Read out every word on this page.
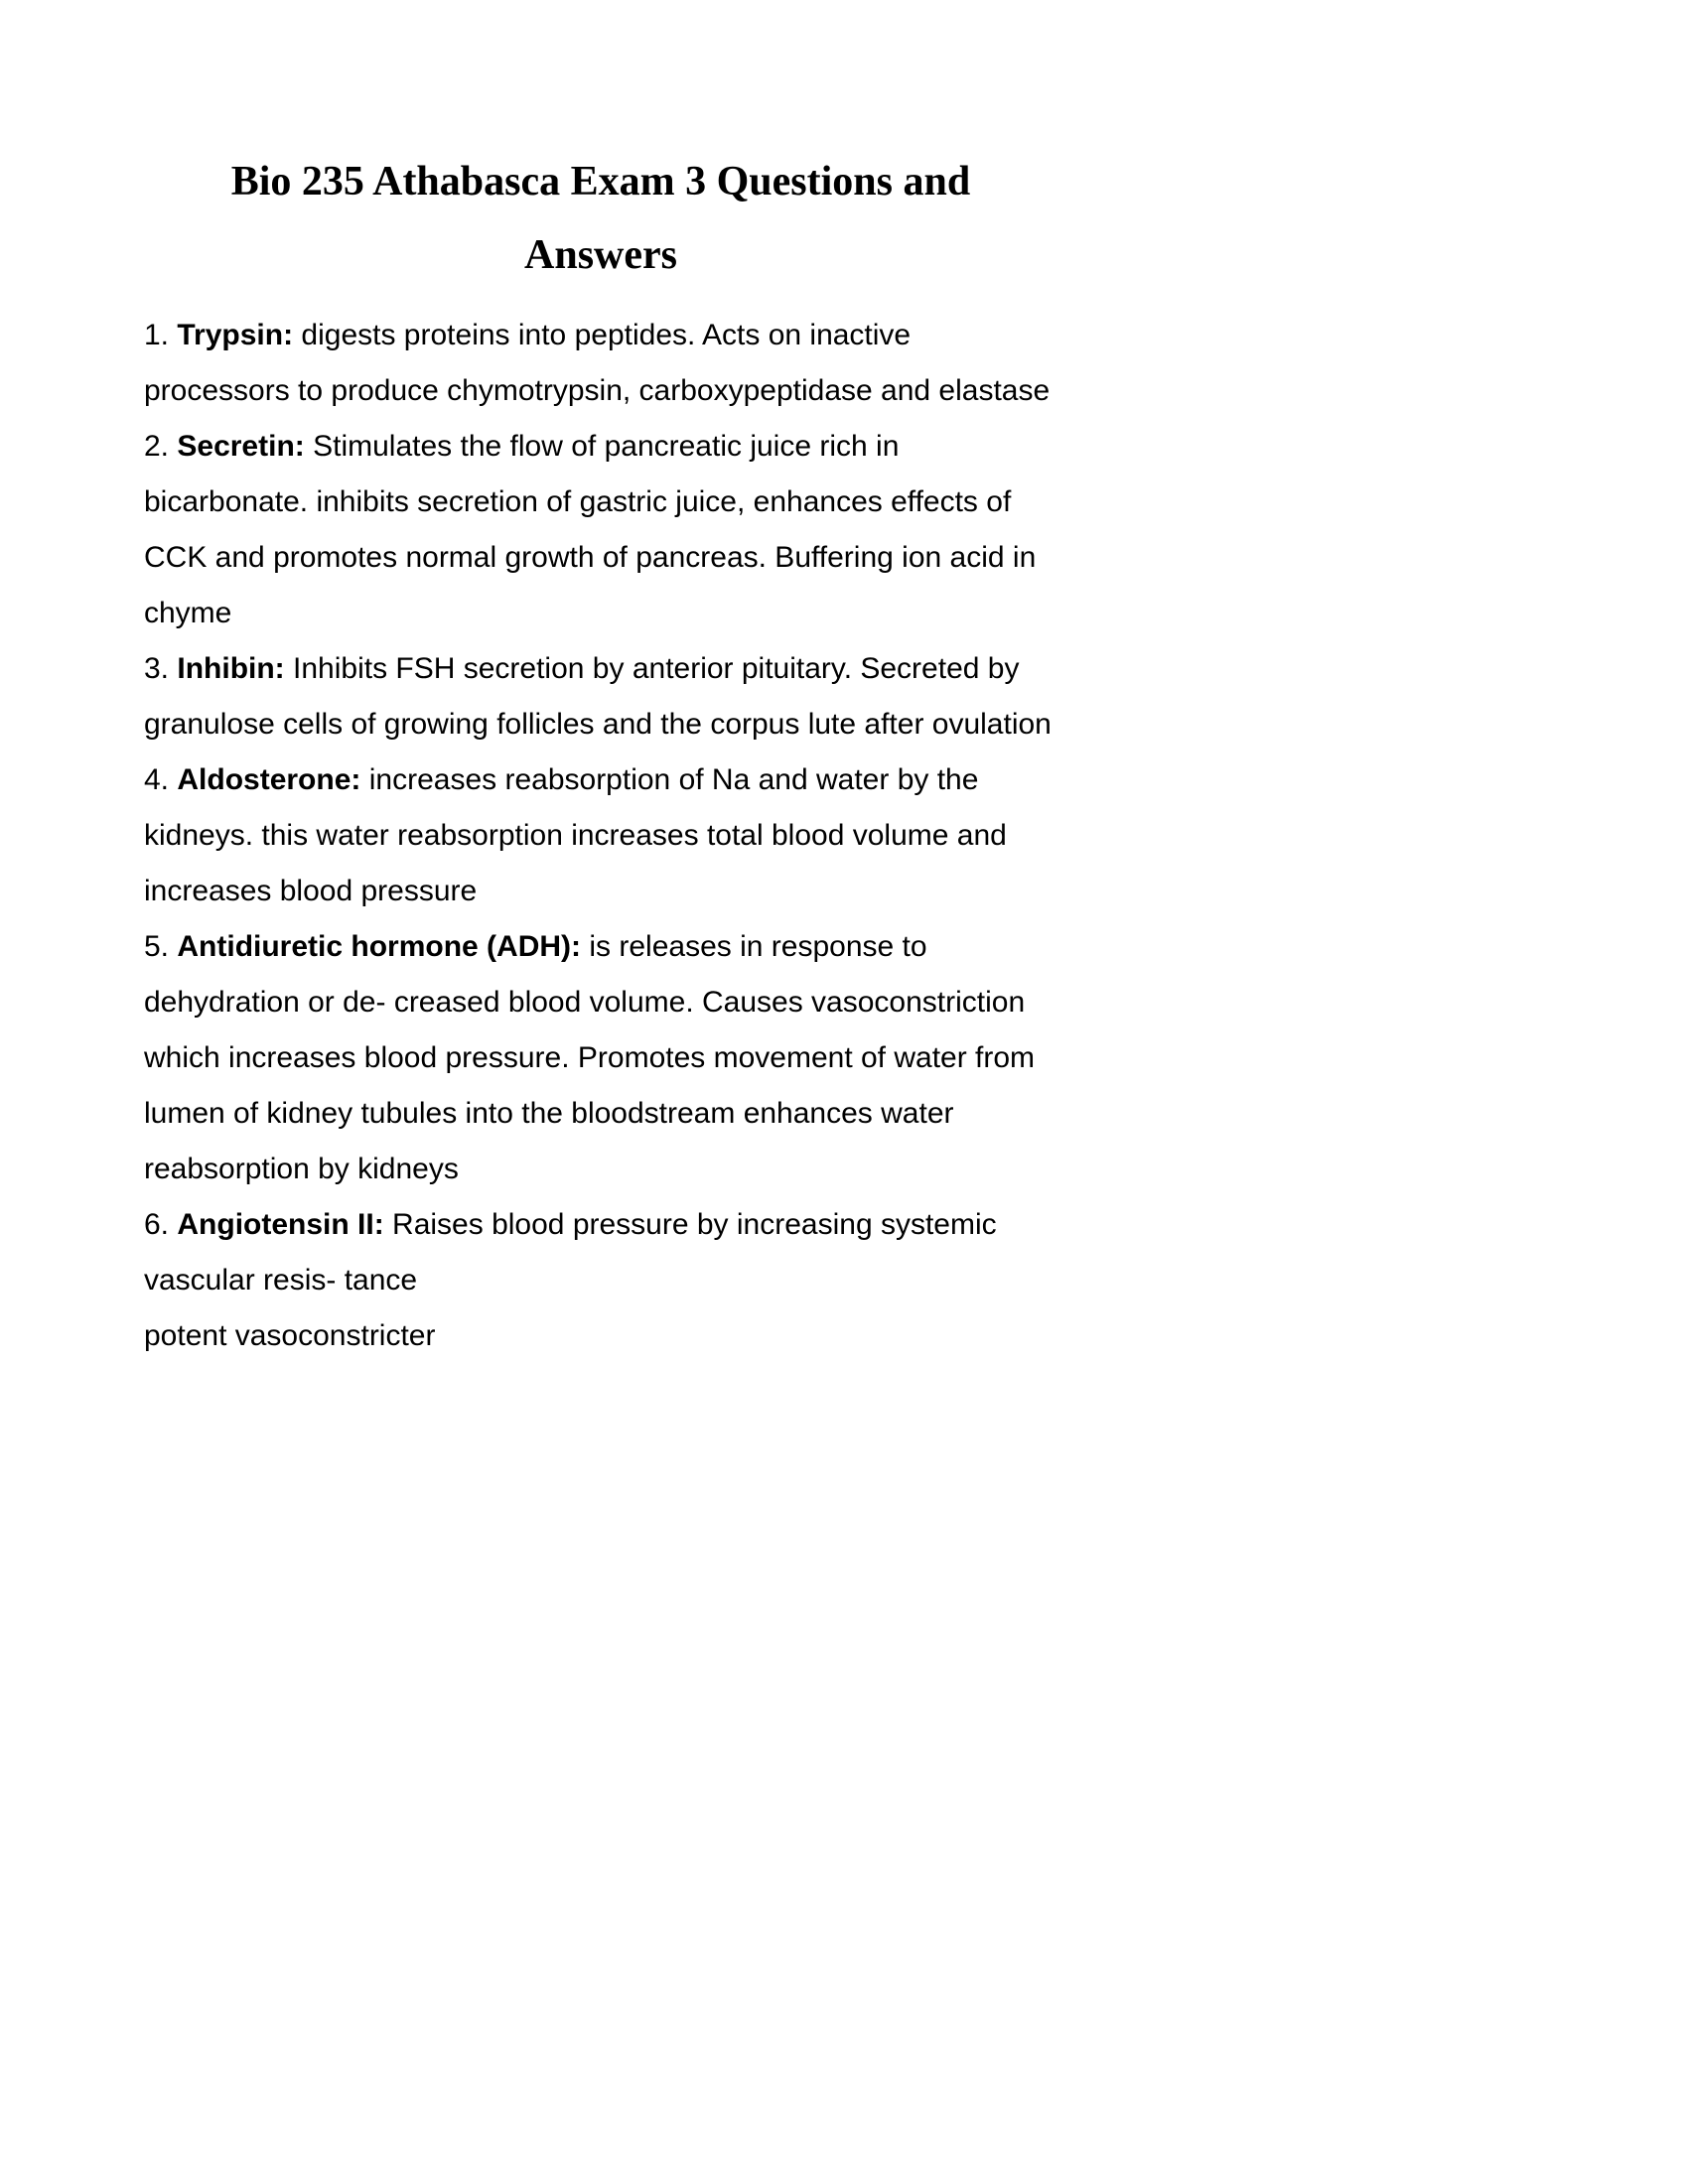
Bio 235 Athabasca Exam 3 Questions and
Answers

1. Trypsin: digests proteins into peptides. Acts on inactive processors to produce chymotrypsin, carboxypeptidase and elastase

2. Secretin: Stimulates the flow of pancreatic juice rich in bicarbonate. inhibits secretion of gastric juice, enhances effects of CCK and promotes normal growth of pancreas. Buffering ion acid in chyme

3. Inhibin: Inhibits FSH secretion by anterior pituitary. Secreted by granulose cells of growing follicles and the corpus lute after ovulation

4. Aldosterone: increases reabsorption of Na and water by the kidneys. this water reabsorption increases total blood volume and increases blood pressure

5. Antidiuretic hormone (ADH): is releases in response to dehydration or de- creased blood volume. Causes vasoconstriction which increases blood pressure. Promotes movement of water from lumen of kidney tubules into the bloodstream enhances water reabsorption by kidneys

6. Angiotensin II: Raises blood pressure by increasing systemic vascular resis- tance

potent vasoconstricter
